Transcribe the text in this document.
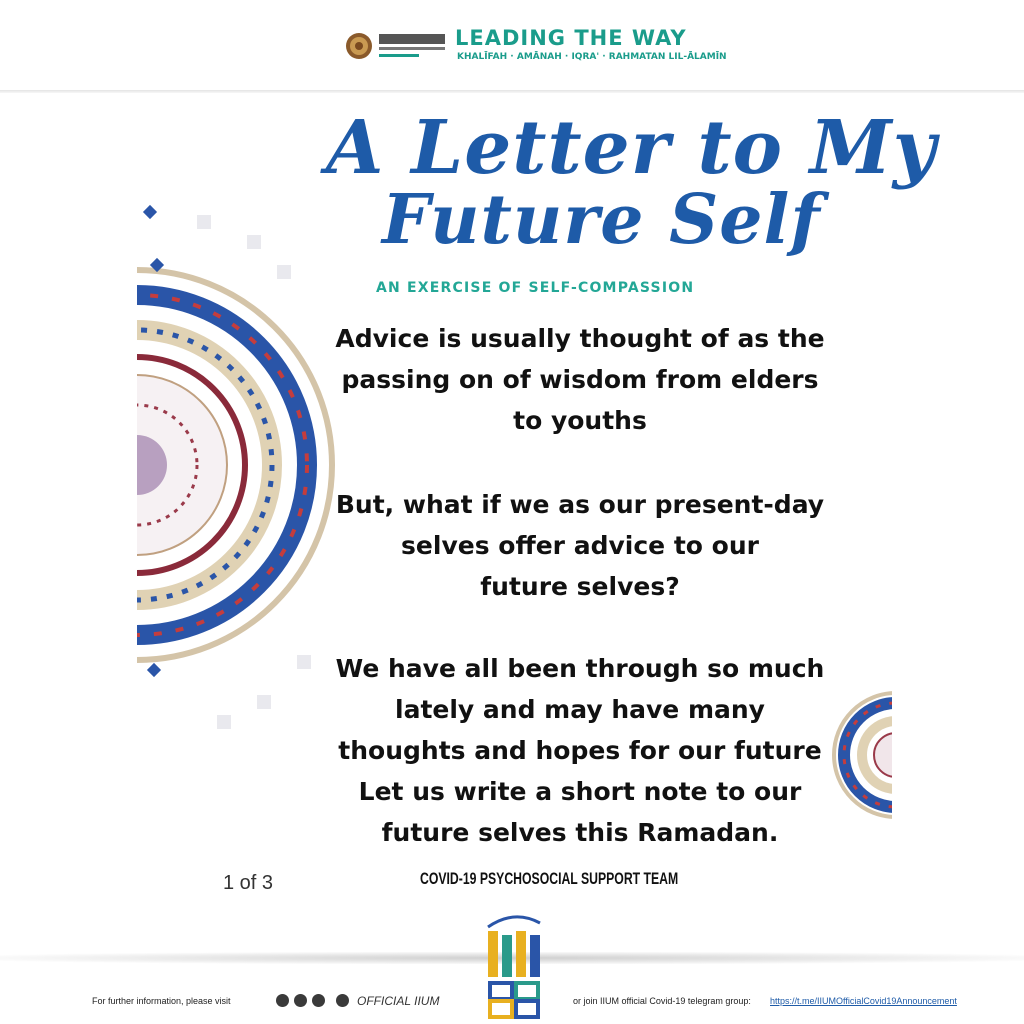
LEADING THE WAY
KHALĪFAH · AMĀNAH · IQRA' · RAHMATAN LIL-ĀLAMĪN
A Letter to My
Future Self
AN EXERCISE OF SELF-COMPASSION
Advice is usually thought of as the
passing on of wisdom from elders
to youths
But, what if we as our present-day
selves offer advice to our
future selves?
We have all been through so much
lately and may have many
thoughts and hopes for our future
Let us write a short note to our
future selves this Ramadan.
1 of 3	COVID-19 PSYCHOSOCIAL SUPPORT TEAM
For further information, please visit	OFFICIAL IIUM	or join IIUM official Covid-19 telegram group: https://t.me/IIUMOfficialCovid19Announcement
